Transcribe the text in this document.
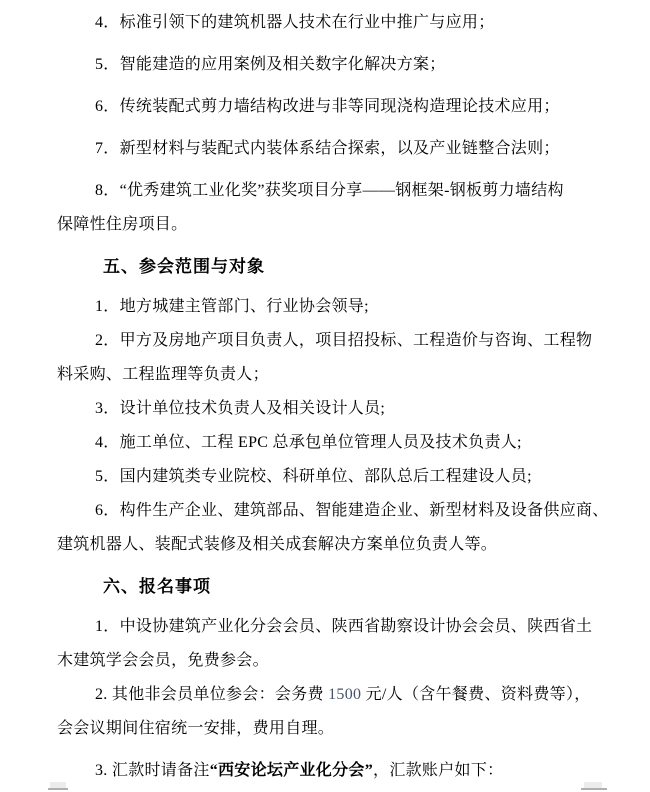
4．标准引领下的建筑机器人技术在行业中推广与应用；
5．智能建造的应用案例及相关数字化解决方案；
6．传统装配式剪力墙结构改进与非等同现浇构造理论技术应用；
7．新型材料与装配式内装体系结合探索，以及产业链整合法则；
8．“优秀建筑工业化奖”获奖项目分享——钢框架-钢板剪力墙结构
保障性住房项目。
五、参会范围与对象
1．地方城建主管部门、行业协会领导;
2．甲方及房地产项目负责人，项目招投标、工程造价与咨询、工程物
料采购、工程监理等负责人；
3．设计单位技术负责人及相关设计人员;
4．施工单位、工程 EPC 总承包单位管理人员及技术负责人;
5．国内建筑类专业院校、科研单位、部队总后工程建设人员;
6．构件生产企业、建筑部品、智能建造企业、新型材料及设备供应商、
建筑机器人、装配式装修及相关成套解决方案单位负责人等。
六、报名事项
1．中设协建筑产业化分会会员、陕西省勘察设计协会会员、陕西省土
木建筑学会会员，免费参会。
2. 其他非会员单位参会：会务费 1500 元/人（含午餐费、资料费等），
会会议期间住宿统一安排，费用自理。
3. 汇款时请备注“西安论坛产业化分会”，汇款账户如下：
